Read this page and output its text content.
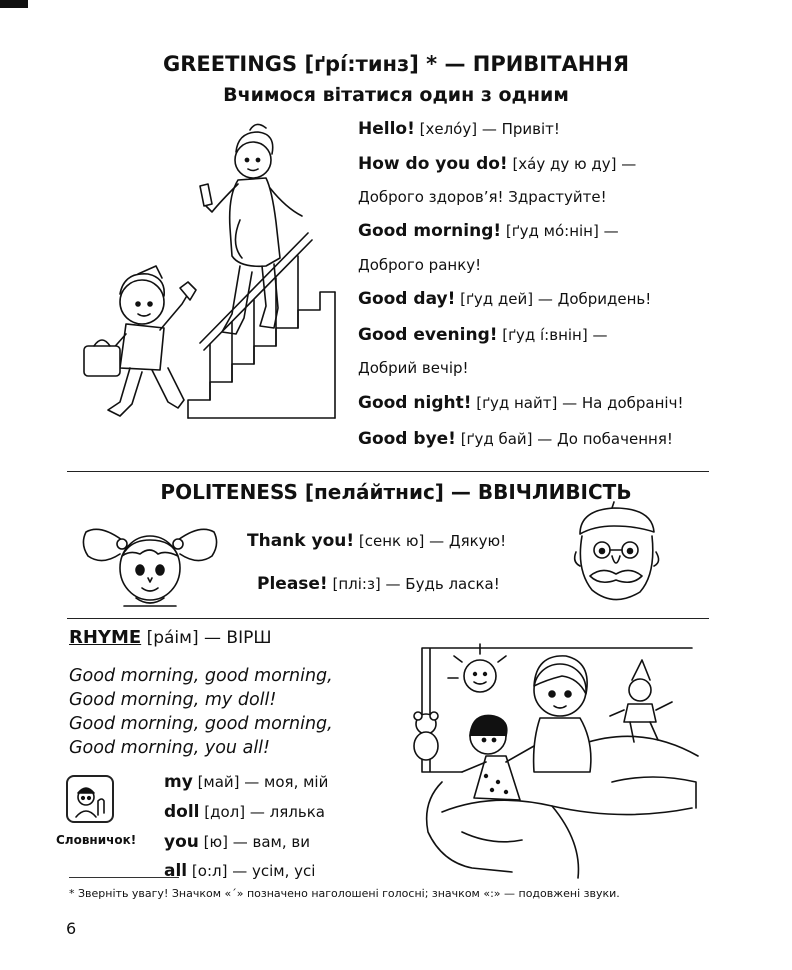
GREETINGS [ґрі́:тинз] * — ПРИВІТАННЯ
Вчимося вітатися один з одним
Hello! [хелóу] — Привіт!
How do you do! [ха́у ду ю ду] —
Доброго здоров’я! Здрастуйте!
Good morning! [ґуд мо́:нін] —
Доброго ранку!
Good day! [ґуд дей] — Добридень!
Good evening! [ґуд і́:внін] —
Добрий вечір!
Good night! [ґуд найт] — На добраніч!
Good bye! [ґуд бай] — До побачення!
POLITENESS [пела́йтнис] — ВВІЧЛИВІСТЬ
Thank you! [сенк ю] — Дякую!
Please! [плі:з] — Будь ласка!
RHYME [ра́ім] — ВІРШ
Good morning, good morning,
Good morning, my doll!
Good morning, good morning,
Good morning, you all!
Словничок!
my [май] — моя, мій
doll [дол] — лялька
you [ю] — вам, ви
all [о:л] — усім, усі
* Зверніть увагу! Значком «´» позначено наголошені голосні; значком «:» — подовжені звуки.
6
